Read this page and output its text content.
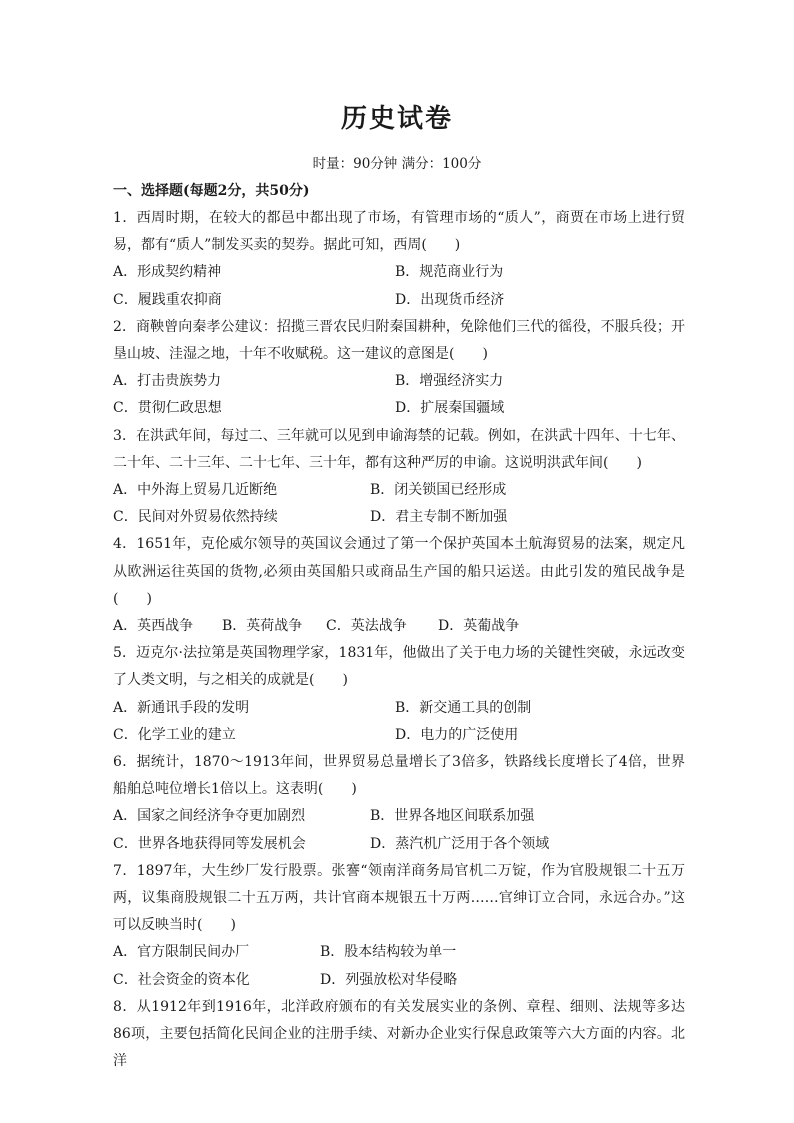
历史试卷
时量：90分钟 满分：100分
一、选择题(每题2分，共50分)
1．西周时期，在较大的都邑中都出现了市场，有管理市场的“质人”，商贾在市场上进行贸易，都有“质人”制发买卖的契券。据此可知，西周(　　)
A．形成契约精神	B．规范商业行为
C．履践重农抑商	D．出现货币经济
2．商鞅曾向秦孝公建议：招揽三晋农民归附秦国耕种，免除他们三代的徭役，不服兵役；开垦山坡、洼湿之地，十年不收赋税。这一建议的意图是(　　)
A．打击贵族势力	B．增强经济实力
C．贯彻仁政思想	D．扩展秦国疆域
3．在洪武年间，每过二、三年就可以见到申谕海禁的记载。例如，在洪武十四年、十七年、二十年、二十三年、二十七年、三十年，都有这种严厉的申谕。这说明洪武年间(　　)
A．中外海上贸易几近断绝	B．闭关锁国已经形成
C．民间对外贸易依然持续	D．君主专制不断加强
4．1651年，克伦威尔领导的英国议会通过了第一个保护英国本土航海贸易的法案，规定凡从欧洲运往英国的货物,必须由英国船只或商品生产国的船只运送。由此引发的殖民战争是(　　)
A．英西战争	B．英荷战争	C．英法战争	D．英葡战争
5．迈克尔·法拉第是英国物理学家，1831年，他做出了关于电力场的关键性突破，永远改变了人类文明，与之相关的成就是(　　)
A．新通讯手段的发明	B．新交通工具的创制
C．化学工业的建立	D．电力的广泛使用
6．据统计，1870～1913年间，世界贸易总量增长了3倍多，铁路线长度增长了4倍，世界船舶总吨位增长1倍以上。这表明(　　)
A．国家之间经济争夺更加剧烈	B．世界各地区间联系加强
C．世界各地获得同等发展机会	D．蒸汽机广泛用于各个领域
7．1897年，大生纱厂发行股票。张謇“领南洋商务局官机二万锭，作为官股规银二十五万两，议集商股规银二十五万两，共计官商本规银五十万两……官绅订立合同，永远合办。”这可以反映当时(　　)
A．官方限制民间办厂	B．股本结构较为单一
C．社会资金的资本化	D．列强放松对华侵略
8．从1912年到1916年，北洋政府颁布的有关发展实业的条例、章程、细则、法规等多达86项，主要包括简化民间企业的注册手续、对新办企业实行保息政策等六大方面的内容。北洋
